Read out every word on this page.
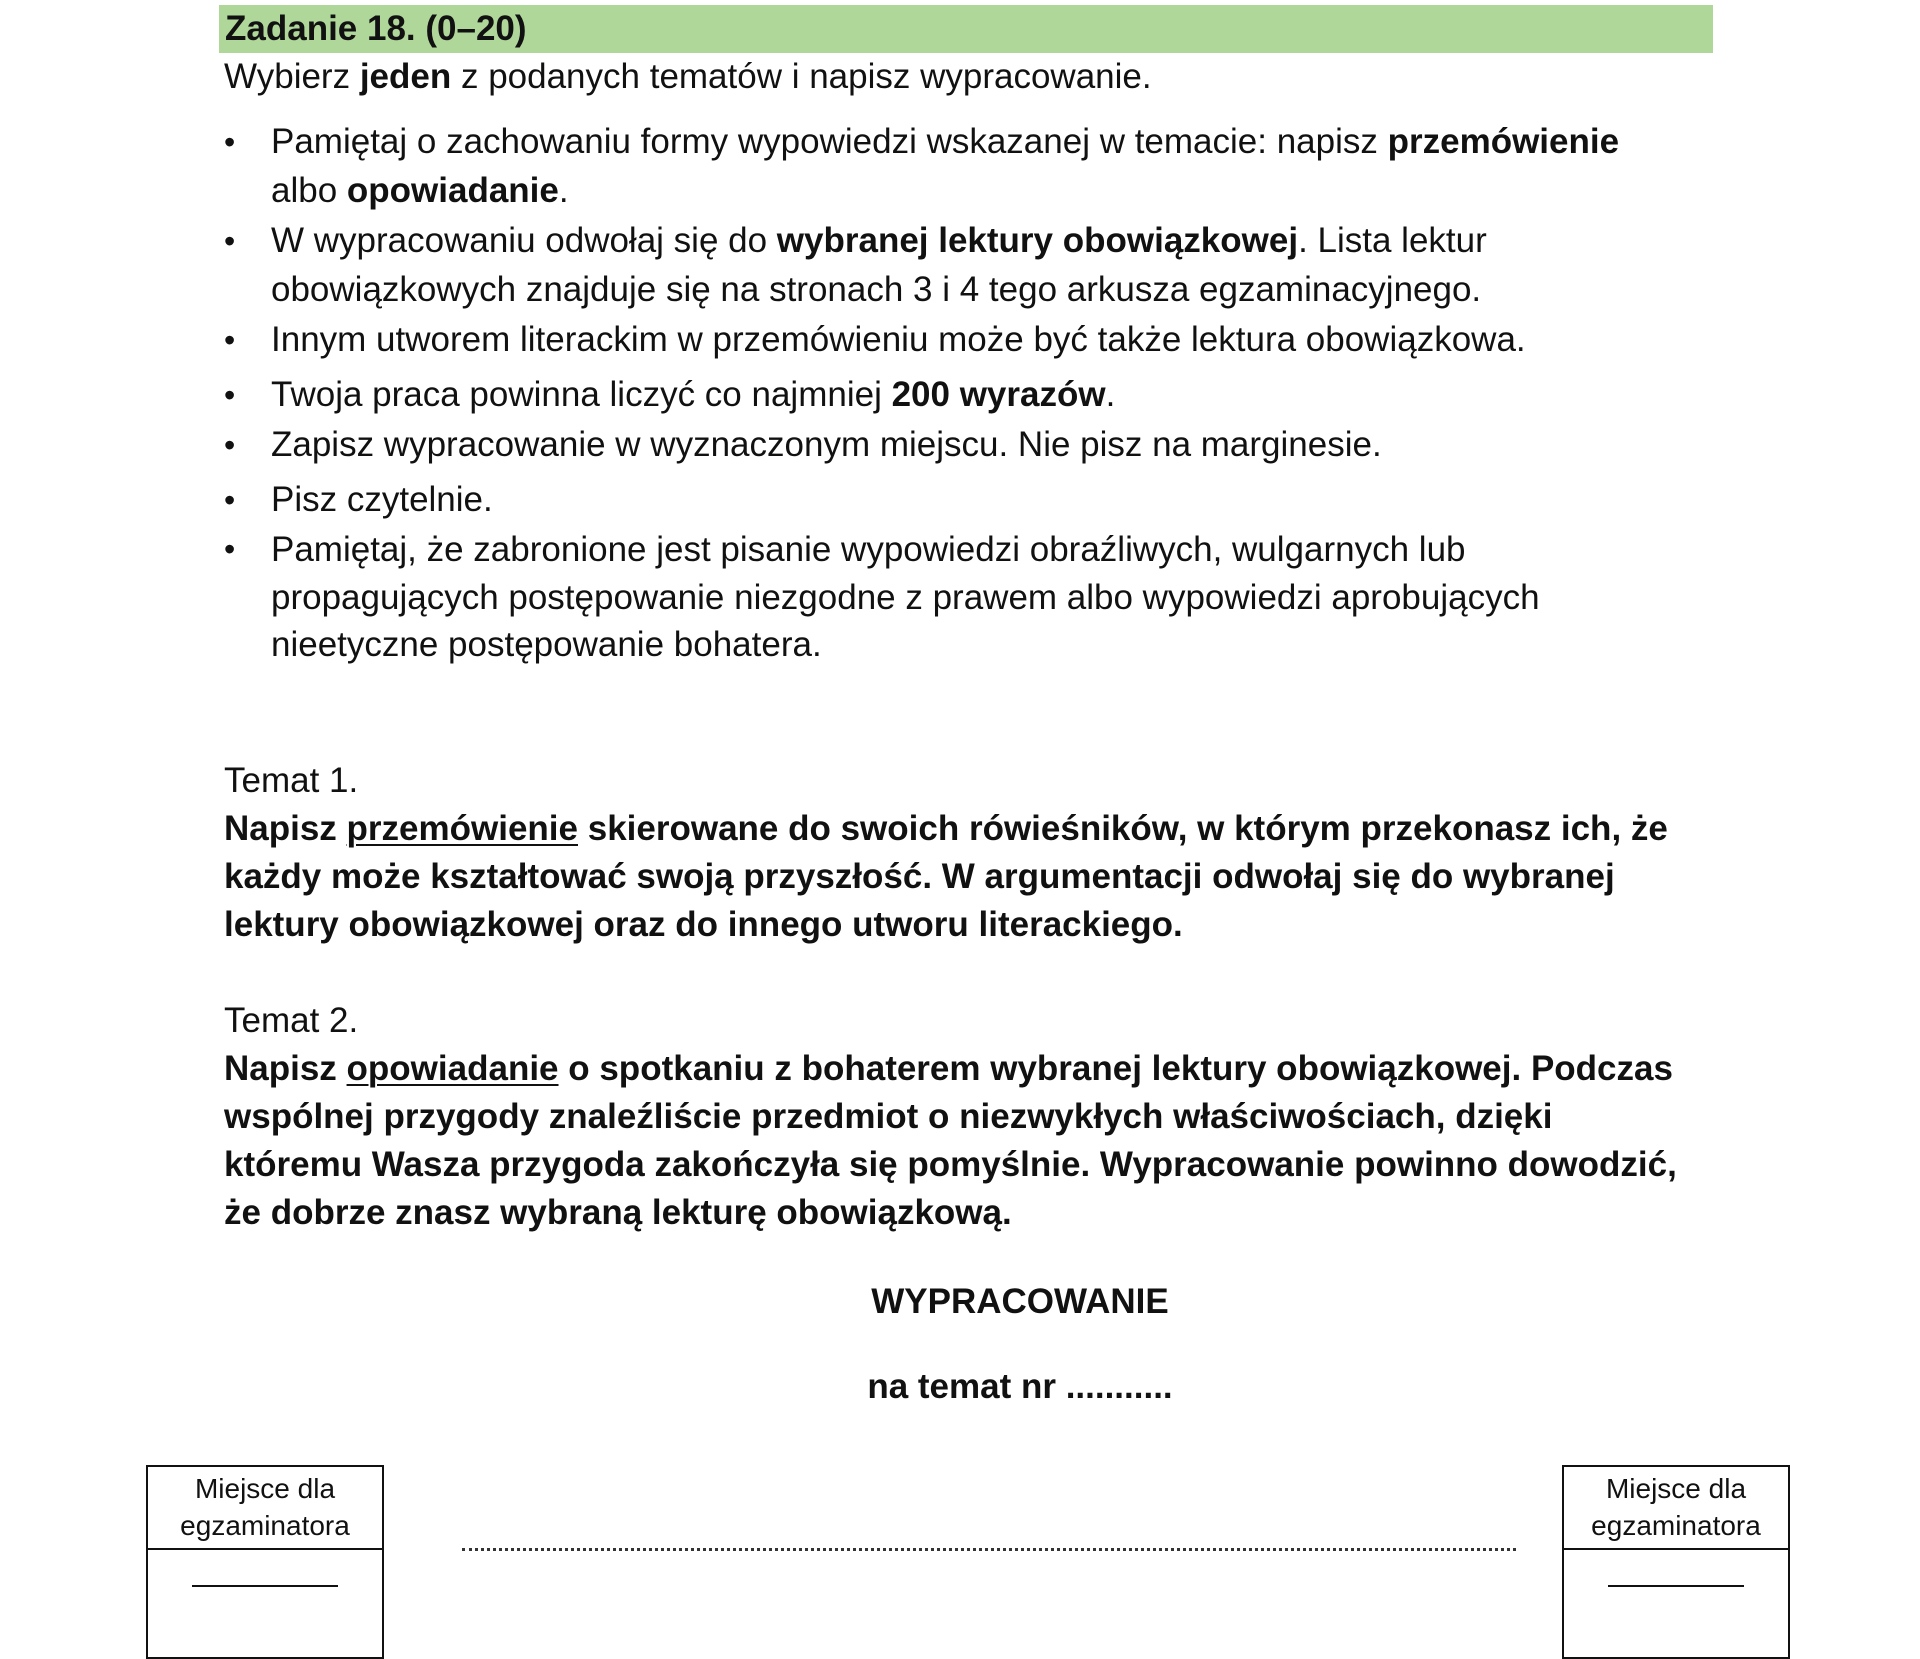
Zadanie 18. (0–20)
Wybierz jeden z podanych tematów i napisz wypracowanie.
• Pamiętaj o zachowaniu formy wypowiedzi wskazanej w temacie: napisz przemówienie
albo opowiadanie.
• W wypracowaniu odwołaj się do wybranej lektury obowiązkowej. Lista lektur obowiązkowych znajduje się na stronach 3 i 4 tego arkusza egzaminacyjnego.
• Innym utworem literackim w przemówieniu może być także lektura obowiązkowa.
• Twoja praca powinna liczyć co najmniej 200 wyrazów.
• Zapisz wypracowanie w wyznaczonym miejscu. Nie pisz na marginesie.
• Pisz czytelnie.
• Pamiętaj, że zabronione jest pisanie wypowiedzi obraźliwych, wulgarnych lub propagujących postępowanie niezgodne z prawem albo wypowiedzi aprobujących nieetyczne postępowanie bohatera.
Temat 1.
Napisz przemówienie skierowane do swoich rówieśników, w którym przekonasz ich, że każdy może kształtować swoją przyszłość. W argumentacji odwołaj się do wybranej lektury obowiązkowej oraz do innego utworu literackiego.
Temat 2.
Napisz opowiadanie o spotkaniu z bohaterem wybranej lektury obowiązkowej. Podczas wspólnej przygody znaleźliście przedmiot o niezwykłych właściwościach, dzięki któremu Wasza przygoda zakończyła się pomyślnie. Wypracowanie powinno dowodzić, że dobrze znasz wybraną lekturę obowiązkową.
WYPRACOWANIE
na temat nr ...........
Miejsce dla
egzaminatora
Miejsce dla
egzaminatora
